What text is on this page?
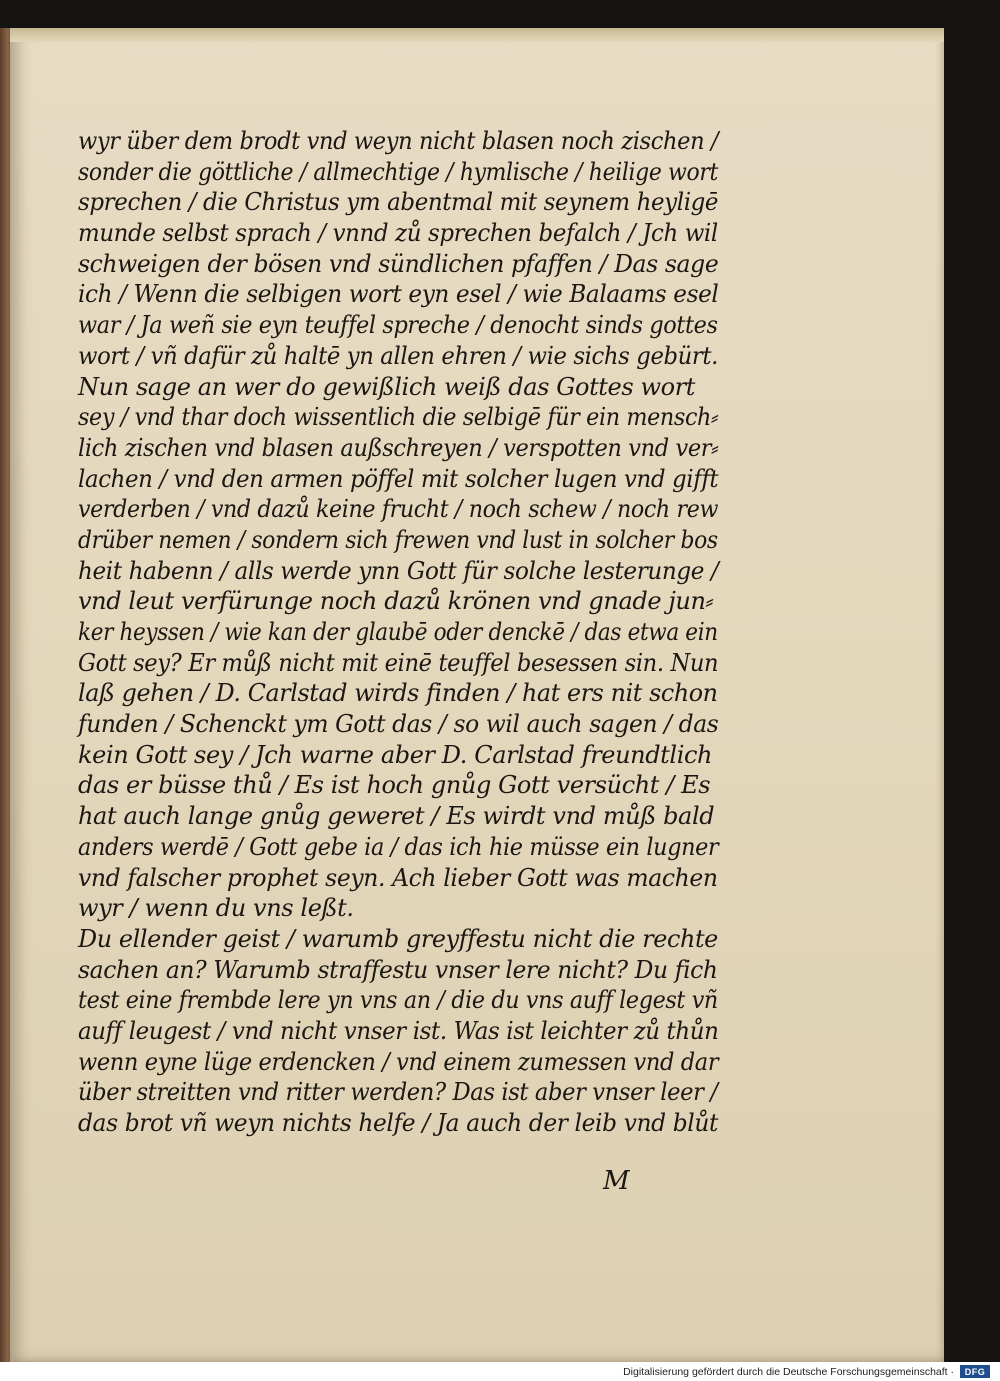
wyr über dem brodt vnd weyn nicht blasen noch zischen /
sonder die göttliche / allmechtige / hymlische / heilige wort
sprechen / die Christus ym abentmal mit seynem heyligē
munde selbst sprach / vnnd zů sprechen befalch / Jch wil
schweigen der bösen vnd sündlichen pfaffen / Das sage
ich / Wenn die selbigen wort eyn esel / wie Balaams esel
war / Ja weñ sie eyn teuffel spreche / denocht sinds gottes
wort / vñ dafür zů haltē yn allen ehren / wie sichs gebürt.
Nun sage an wer do gewißlich weiß das Gottes wort
sey / vnd thar doch wissentlich die selbigē für ein mensch⸗
lich zischen vnd blasen außschreyen / verspotten vnd ver⸗
lachen / vnd den armen pöffel mit solcher lugen vnd gifft
verderben / vnd dazů keine frucht / noch schew / noch rew
drüber nemen / sondern sich frewen vnd lust in solcher bos
heit habenn / alls werde ynn Gott für solche lesterunge /
vnd leut verfürunge noch dazů krönen vnd gnade jun⸗
ker heyssen / wie kan der glaubē oder denckē / das etwa ein
Gott sey? Er můß nicht mit einē teuffel besessen sin. Nun
laß gehen / D. Carlstad wirds finden / hat ers nit schon
funden / Schenckt ym Gott das / so wil auch sagen / das
kein Gott sey / Jch warne aber D. Carlstad freundtlich
das er büsse thů / Es ist hoch gnůg Gott versücht / Es
hat auch lange gnůg geweret / Es wirdt vnd můß bald
anders werdē / Gott gebe ia / das ich hie müsse ein lugner
vnd falscher prophet seyn. Ach lieber Gott was machen
wyr / wenn du vns leßt.
Du ellender geist / warumb greyffestu nicht die rechte
sachen an? Warumb straffestu vnser lere nicht? Du fich
test eine frembde lere yn vns an / die du vns auff legest vñ
auff leugest / vnd nicht vnser ist. Was ist leichter zů thůn
wenn eyne lüge erdencken / vnd einem zumessen vnd dar
über streitten vnd ritter werden? Das ist aber vnser leer /
das brot vñ weyn nichts helfe / Ja auch der leib vnd blůt
M
Digitalisierung gefördert durch die Deutsche Forschungsgemeinschaft ·	DFG
